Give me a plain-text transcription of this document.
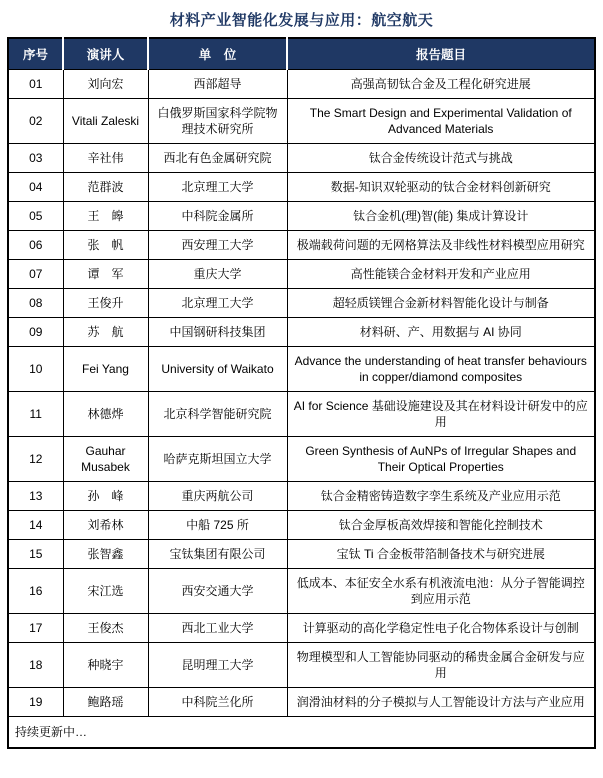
材料产业智能化发展与应用：航空航天
序号	演讲人	单　位	报告题目
01	刘向宏	西部超导	高强高韧钛合金及工程化研究进展
02	Vitali Zaleski	白俄罗斯国家科学院物理技术研究所	The Smart Design and Experimental Validation of Advanced Materials
03	辛社伟	西北有色金属研究院	钛合金传统设计范式与挑战
04	范群波	北京理工大学	数据-知识双轮驱动的钛合金材料创新研究
05	王　皞	中科院金属所	钛合金机(理)智(能) 集成计算设计
06	张　帆	西安理工大学	极端载荷问题的无网格算法及非线性材料模型应用研究
07	谭　军	重庆大学	高性能镁合金材料开发和产业应用
08	王俊升	北京理工大学	超轻质镁锂合金新材料智能化设计与制备
09	苏　航	中国钢研科技集团	材料研、产、用数据与 AI 协同
10	Fei Yang	University of Waikato	Advance the understanding of heat transfer behaviours in copper/diamond composites
11	林德烨	北京科学智能研究院	AI for Science 基础设施建设及其在材料设计研发中的应用
12	Gauhar Musabek	哈萨克斯坦国立大学	Green Synthesis of AuNPs of Irregular Shapes and Their Optical Properties
13	孙　峰	重庆两航公司	钛合金精密铸造数字孪生系统及产业应用示范
14	刘希林	中船 725 所	钛合金厚板高效焊接和智能化控制技术
15	张智鑫	宝钛集团有限公司	宝钛 Ti 合金板带箔制备技术与研究进展
16	宋江选	西安交通大学	低成本、本征安全水系有机液流电池：从分子智能调控到应用示范
17	王俊杰	西北工业大学	计算驱动的高化学稳定性电子化合物体系设计与创制
18	种晓宇	昆明理工大学	物理模型和人工智能协同驱动的稀贵金属合金研发与应用
19	鲍路瑶	中科院兰化所	润滑油材料的分子模拟与人工智能设计方法与产业应用
持续更新中…			
